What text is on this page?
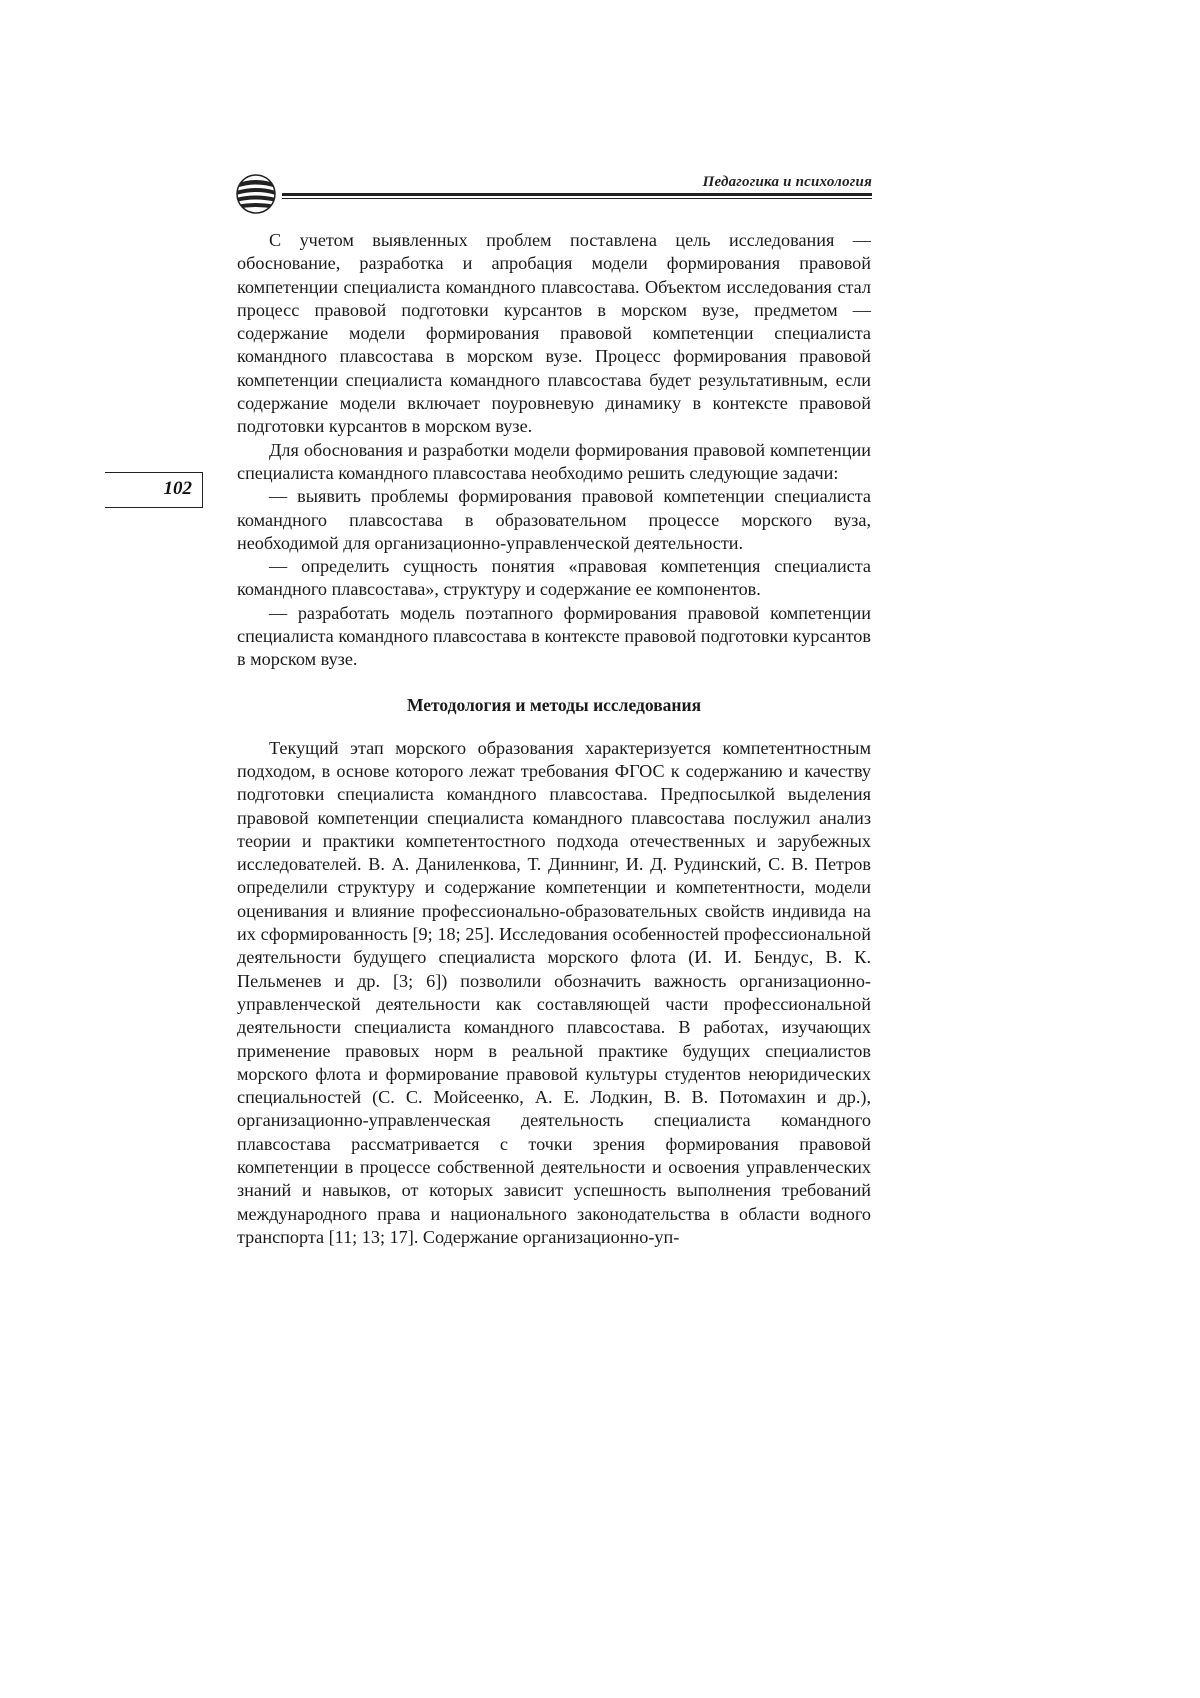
Педагогика и психология
102

С учетом выявленных проблем поставлена цель исследования — обоснование, разработка и апробация модели формирования правовой компетенции специалиста командного плавсостава. Объектом исследования стал процесс правовой подготовки курсантов в морском вузе, предметом — содержание модели формирования правовой компетенции специалиста командного плавсостава в морском вузе. Процесс формирования правовой компетенции специалиста командного плавсостава будет результативным, если содержание модели включает поуровневую динамику в контексте правовой подготовки курсантов в морском вузе.

Для обоснования и разработки модели формирования правовой компетенции специалиста командного плавсостава необходимо решить следующие задачи:

— выявить проблемы формирования правовой компетенции специалиста командного плавсостава в образовательном процессе морского вуза, необходимой для организационно-управленческой деятельности.

— определить сущность понятия «правовая компетенция специалиста командного плавсостава», структуру и содержание ее компонентов.

— разработать модель поэтапного формирования правовой компетенции специалиста командного плавсостава в контексте правовой подготовки курсантов в морском вузе.

Методология и методы исследования

Текущий этап морского образования характеризуется компетентностным подходом, в основе которого лежат требования ФГОС к содержанию и качеству подготовки специалиста командного плавсостава. Предпосылкой выделения правовой компетенции специалиста командного плавсостава послужил анализ теории и практики компетентостного подхода отечественных и зарубежных исследователей. В. А. Даниленкова, Т. Диннинг, И. Д. Рудинский, С. В. Петров определили структуру и содержание компетенции и компетентности, модели оценивания и влияние профессионально-образовательных свойств индивида на их сформированность [9; 18; 25]. Исследования особенностей профессиональной деятельности будущего специалиста морского флота (И. И. Бендус, В. К. Пельменев и др. [3; 6]) позволили обозначить важность организационно-управленческой деятельности как составляющей части профессиональной деятельности специалиста командного плавсостава. В работах, изучающих применение правовых норм в реальной практике будущих специалистов морского флота и формирование правовой культуры студентов неюридических специальностей (С. С. Мойсеенко, А. Е. Лодкин, В. В. Потомахин и др.), организационно-управленческая деятельность специалиста командного плавсостава рассматривается с точки зрения формирования правовой компетенции в процессе собственной деятельности и освоения управленческих знаний и навыков, от которых зависит успешность выполнения требований международного права и национального законодательства в области водного транспорта [11; 13; 17]. Содержание организационно-уп-
